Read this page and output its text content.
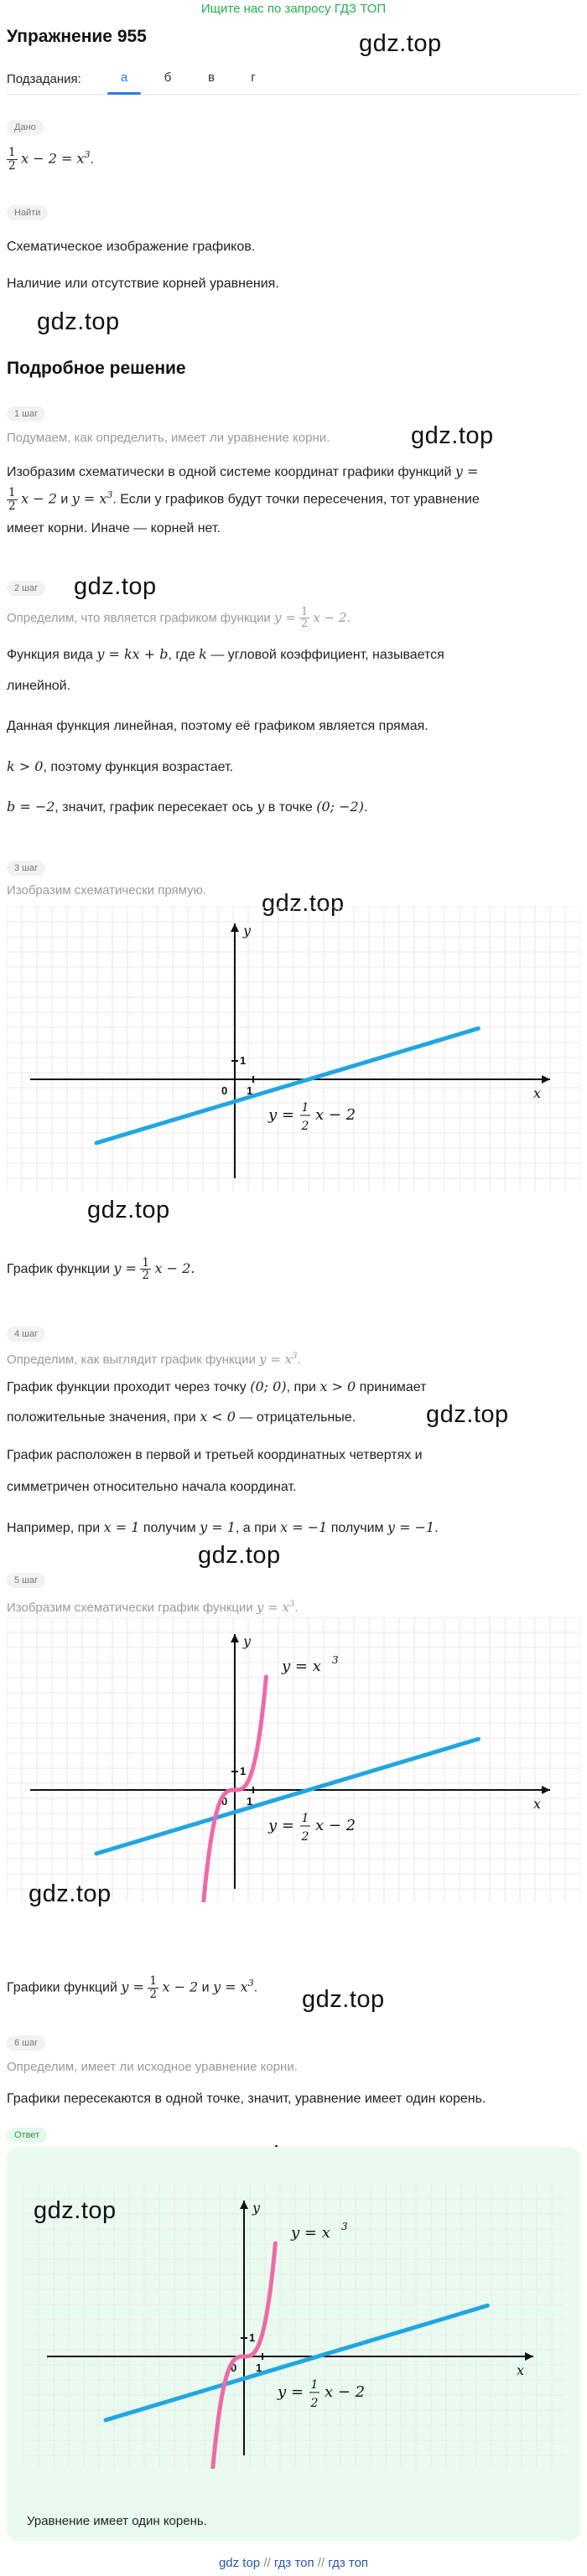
Ищите нас по запросу ГДЗ ТОП
Упражнение 955	gdz.top
Подзадания:	а	б	в	г
Дано
$\frac{1}{2}$ $x - 2 = x^3$.
Найти
Схематическое изображение графиков.
Наличие или отсутствие корней уравнения.
gdz.top
Подробное решение
1 шаг
Подумаем, как определить, имеет ли уравнение корни.	gdz.top
Изобразим схематически в одной системе координат графики функций y =
$\frac{1}{2}$ x − 2 и $y = x^3$. Если у графиков будут точки пересечения, тот уравнение
имеет корни. Иначе — корней нет.
2 шаг	gdz.top
Определим, что является графиком функции $y = \frac{1}{2}$ x − 2.
Функция вида y = kx + b, где k — угловой коэффициент, называется
линейной.
Данная функция линейная, поэтому её графиком является прямая.
k > 0, поэтому функция возрастает.
b = −2, значит, график пересекает ось y в точке (0; −2).
3 шаг
Изобразим схематически прямую.	gdz.top
x
y
0 1
1
y = 1
2
x − 2
gdz.top
График функции $y = \frac{1}{2}$ x − 2.
4 шаг
Определим, как выглядит график функции $y = x^3$.
График функции проходит через точку (0; 0), при x > 0 принимает
положительные значения, при x < 0 — отрицательные.	gdz.top
График расположен в первой и третьей координатных четвертях и
симметричен относительно начала координат.
Например, при x = 1 получим y = 1, а при x = −1 получим y = −1.
gdz.top
5 шаг
Изобразим схематически график функции $y = x^3$.
x
y
0 1
1
y = 1
2
x − 2
y = x 3
gdz.top
Графики функций $y = \frac{1}{2}$ x − 2 и $y = x^3$.	gdz.top
6 шаг
Определим, имеет ли исходное уравнение корни.
Графики пересекаются в одной точке, значит, уравнение имеет один корень.
Ответ
x
y
0 1
1
y = 1
2
x − 2
y = x 3
gdz.top
Уравнение имеет один корень.
gdz top // гдз топ // гдз топ
